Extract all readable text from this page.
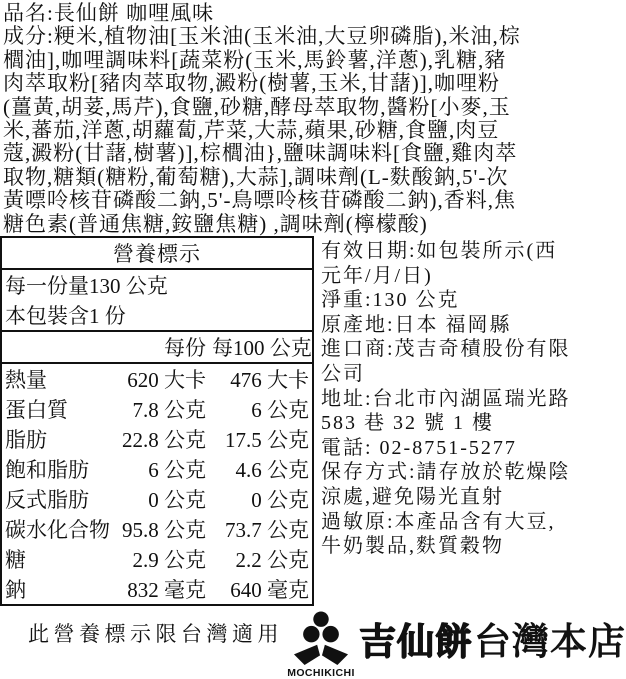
品名:長仙餅 咖哩風味
成分:粳米,植物油[玉米油(玉米油,大豆卵磷脂),米油,棕
櫚油],咖哩調味料[蔬菜粉(玉米,馬鈴薯,洋蔥),乳糖,豬
肉萃取粉[豬肉萃取物,澱粉(樹薯,玉米,甘藷)],咖哩粉
(薑黃,胡荽,馬芹),食鹽,砂糖,酵母萃取物,醬粉[小麥,玉
米,蕃茄,洋蔥,胡蘿蔔,芹菜,大蒜,蘋果,砂糖,食鹽,肉豆
蔻,澱粉(甘藷,樹薯)],棕櫚油},鹽味調味料[食鹽,雞肉萃
取物,糖類(糖粉,葡萄糖),大蒜],調味劑(L-麩酸鈉,5'-次
黃嘌呤核苷磷酸二鈉,5'-鳥嘌呤核苷磷酸二鈉),香料,焦
糖色素(普通焦糖,銨鹽焦糖) ,調味劑(檸檬酸)
營養標示		
每一份量130 公克		
本包裝含1 份		
	每份	每100 公克
熱量	620 大卡	476 大卡
蛋白質	7.8 公克	6 公克
脂肪	22.8 公克	17.5 公克
飽和脂肪	6 公克	4.6 公克
反式脂肪	0 公克	0 公克
碳水化合物	95.8 公克	73.7 公克
糖	2.9 公克	2.2 公克
鈉	832 毫克	640 毫克
有效日期:如包裝所示(西
元年/月/日)
淨重:130 公克
原產地:日本 福岡縣
進口商:茂吉奇積股份有限
公司
地址:台北市內湖區瑞光路
583 巷 32 號 1 樓
電話: 02-8751-5277
保存方式:請存放於乾燥陰
涼處,避免陽光直射
過敏原:本產品含有大豆,
牛奶製品,麩質穀物
此營養標示限台灣適用
MOCHIKICHI
吉仙餅台灣本店
